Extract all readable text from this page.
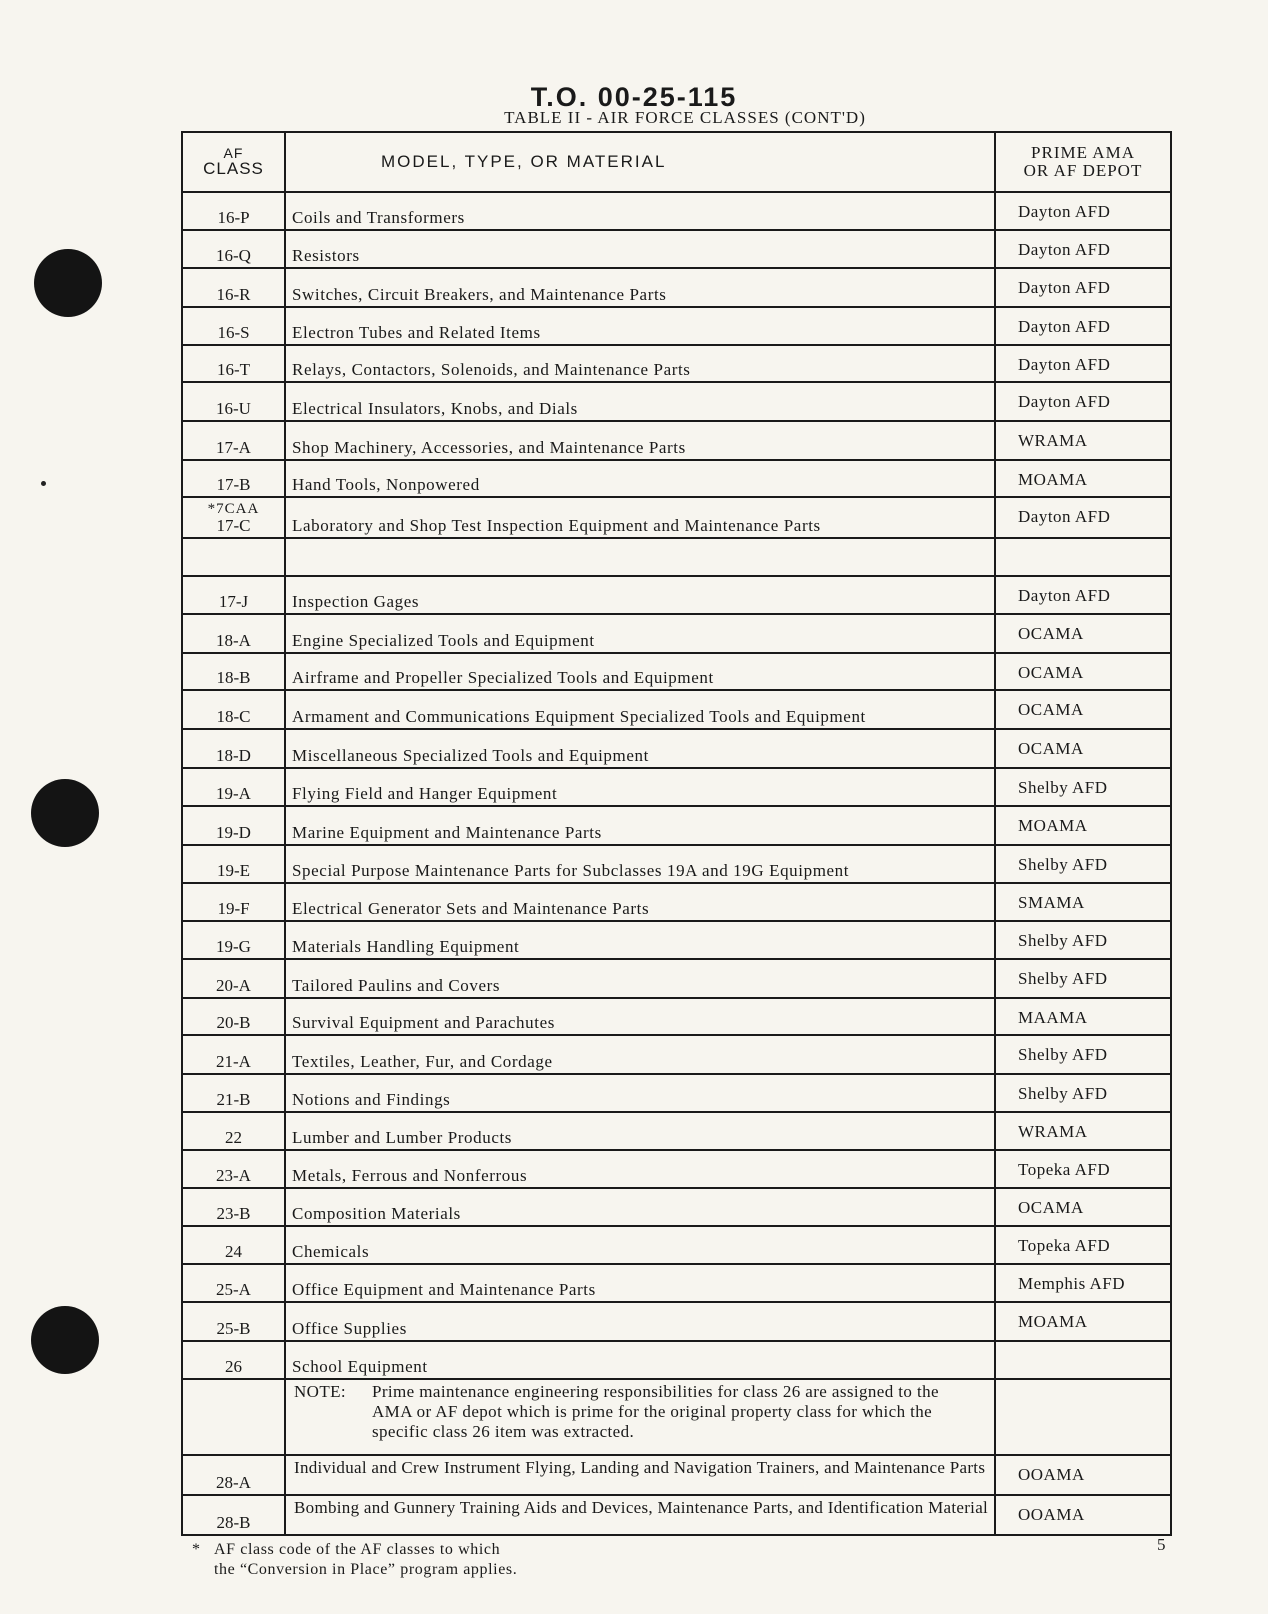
T.O. 00-25-115
TABLE II - AIR FORCE CLASSES (CONT'D)
AF
CLASS	MODEL, TYPE, OR MATERIAL	PRIME AMA
OR AF DEPOT
16-P	Coils and Transformers	Dayton AFD
16-Q	Resistors	Dayton AFD
16-R	Switches, Circuit Breakers, and Maintenance Parts	Dayton AFD
16-S	Electron Tubes and Related Items	Dayton AFD
16-T	Relays, Contactors, Solenoids, and Maintenance Parts	Dayton AFD
16-U	Electrical Insulators, Knobs, and Dials	Dayton AFD
17-A	Shop Machinery, Accessories, and Maintenance Parts	WRAMA
17-B	Hand Tools, Nonpowered	MOAMA

*7CAA
17-C	Laboratory and Shop Test Inspection Equipment and Maintenance Parts	Dayton AFD

17-J	Inspection Gages	Dayton AFD
18-A	Engine Specialized Tools and Equipment	OCAMA
18-B	Airframe and Propeller Specialized Tools and Equipment	OCAMA
18-C	Armament and Communications Equipment Specialized Tools and Equipment	OCAMA
18-D	Miscellaneous Specialized Tools and Equipment	OCAMA
19-A	Flying Field and Hanger Equipment	Shelby AFD
19-D	Marine Equipment and Maintenance Parts	MOAMA
19-E	Special Purpose Maintenance Parts for Subclasses 19A and 19G Equipment	Shelby AFD
19-F	Electrical Generator Sets and Maintenance Parts	SMAMA
19-G	Materials Handling Equipment	Shelby AFD
20-A	Tailored Paulins and Covers	Shelby AFD
20-B	Survival Equipment and Parachutes	MAAMA
21-A	Textiles, Leather, Fur, and Cordage	Shelby AFD
21-B	Notions and Findings	Shelby AFD
22	Lumber and Lumber Products	WRAMA
23-A	Metals, Ferrous and Nonferrous	Topeka AFD
23-B	Composition Materials	OCAMA
24	Chemicals	Topeka AFD
25-A	Office Equipment and Maintenance Parts	Memphis AFD
25-B	Office Supplies	MOAMA
26	School Equipment	
	NOTE: Prime maintenance engineering responsibilities for class 26 are assigned to the AMA or AF depot which is prime for the original property class for which the specific class 26 item was extracted.	
28-A	Individual and Crew Instrument Flying, Landing and Navigation Trainers, and Maintenance Parts	OOAMA
28-B	Bombing and Gunnery Training Aids and Devices, Maintenance Parts, and Identification Material	OOAMA
* AF class code of the AF classes to which
the “Conversion in Place” program applies.
5
